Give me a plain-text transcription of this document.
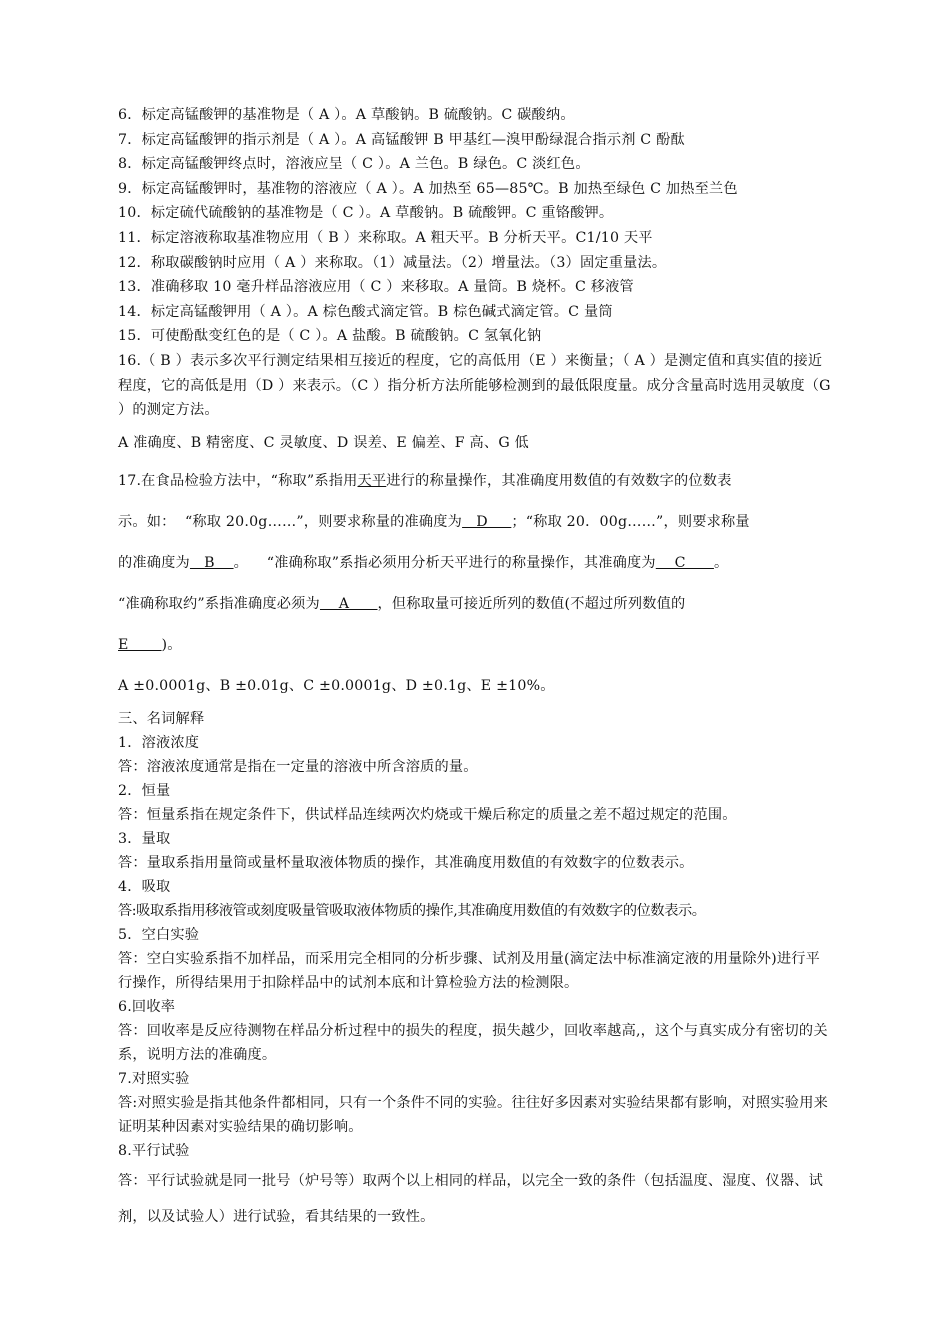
6．标定高锰酸钾的基准物是（ A ）。A 草酸钠。B 硫酸钠。C 碳酸纳。
7．标定高锰酸钾的指示剂是（ A ）。A 高锰酸钾 B 甲基红—溴甲酚绿混合指示剂 C 酚酞
8．标定高锰酸钾终点时，溶液应呈（ C ）。A 兰色。B 绿色。C 淡红色。
9．标定高锰酸钾时，基准物的溶液应（ A ）。A 加热至 65—85℃。B 加热至绿色 C 加热至兰色
10．标定硫代硫酸钠的基准物是（ C ）。A 草酸钠。B 硫酸钾。C 重铬酸钾。
11．标定溶液称取基准物应用（ B ）来称取。A 粗天平。B 分析天平。C1/10 天平
12．称取碳酸钠时应用（ A ）来称取。（1）减量法。（2）增量法。（3）固定重量法。
13．准确移取 10 毫升样品溶液应用（ C ）来移取。A 量筒。B 烧杯。C 移液管
14．标定高锰酸钾用（ A ）。A 棕色酸式滴定管。B 棕色碱式滴定管。C 量筒
15．可使酚酞变红色的是（ C ）。A 盐酸。B 硫酸钠。C 氢氧化钠

16.（ B ）表示多次平行测定结果相互接近的程度，它的高低用（E ）来衡量；（ A ）是测定值和真实值的接近程度，它的高低是用（D ）来表示。（C ）指分析方法所能够检测到的最低限度量。成分含量高时选用灵敏度（G ）的测定方法。

A 准确度、B 精密度、C 灵敏度、D 误差、E 偏差、F 高、G 低

17.在食品检验方法中，“称取”系指用天平进行的称量操作，其准确度用数值的有效数字的位数表
示。如：  “称取 20.0g……”，则要求称量的准确度为   D     ；“称取 20．00g……”，则要求称量
的准确度为   B    。    “准确称取”系指必须用分析天平进行的称量操作，其准确度为    C      。
“准确称取约”系指准确度必须为    A      ，但称取量可接近所列的数值(不超过所列数值的
E       )。
A ±0.0001g、B ±0.01g、C ±0.0001g、D ±0.1g、E ±10%。
三、名词解释
1．溶液浓度
答：溶液浓度通常是指在一定量的溶液中所含溶质的量。
2．恒量
答：恒量系指在规定条件下，供试样品连续两次灼烧或干燥后称定的质量之差不超过规定的范围。
3．量取
答：量取系指用量筒或量杯量取液体物质的操作，其准确度用数值的有效数字的位数表示。
4．吸取
答:吸取系指用移液管或刻度吸量管吸取液体物质的操作,其准确度用数值的有效数字的位数表示。
5．空白实验

答：空白实验系指不加样品，而采用完全相同的分析步骤、试剂及用量(滴定法中标准滴定液的用量除外)进行平行操作，所得结果用于扣除样品中的试剂本底和计算检验方法的检测限。

6.回收率

答：回收率是反应待测物在样品分析过程中的损失的程度，损失越少，回收率越高,，这个与真实成分有密切的关系，说明方法的准确度。

7.对照实验

答:对照实验是指其他条件都相同，只有一个条件不同的实验。往往好多因素对实验结果都有影响，对照实验用来证明某种因素对实验结果的确切影响。

8.平行试验

答：平行试验就是同一批号（炉号等）取两个以上相同的样品，以完全一致的条件（包括温度、湿度、仪器、试剂，以及试验人）进行试验，看其结果的一致性。
